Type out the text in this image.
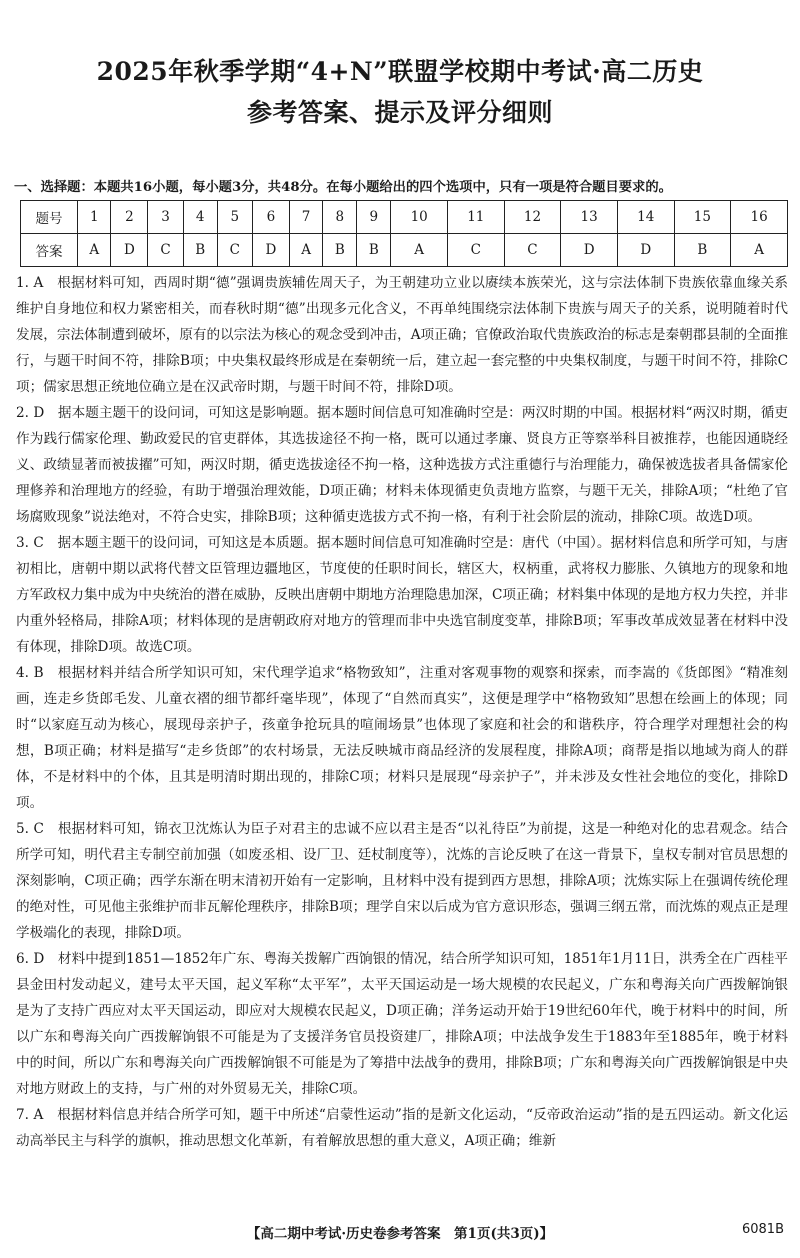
2025年秋季学期“4+N”联盟学校期中考试·高二历史
参考答案、提示及评分细则
一、选择题：本题共16小题，每小题3分，共48分。在每小题给出的四个选项中，只有一项是符合题目要求的。
题号	1	2	3	4	5	6	7	8	9	10	11	12	13	14	15	16
答案	A	D	C	B	C	D	A	B	B	A	C	C	D	D	B	A

1. A　根据材料可知，西周时期“德”强调贵族辅佐周天子，为王朝建功立业以赓续本族荣光，这与宗法体制下贵族依靠血缘关系维护自身地位和权力紧密相关，而春秋时期“德”出现多元化含义，不再单纯围绕宗法体制下贵族与周天子的关系，说明随着时代发展，宗法体制遭到破坏，原有的以宗法为核心的观念受到冲击，A项正确；官僚政治取代贵族政治的标志是秦朝郡县制的全面推行，与题干时间不符，排除B项；中央集权最终形成是在秦朝统一后，建立起一套完整的中央集权制度，与题干时间不符，排除C项；儒家思想正统地位确立是在汉武帝时期，与题干时间不符，排除D项。

2. D　据本题主题干的设问词，可知这是影响题。据本题时间信息可知准确时空是：两汉时期的中国。根据材料“两汉时期，循吏作为践行儒家伦理、勤政爱民的官吏群体，其选拔途径不拘一格，既可以通过孝廉、贤良方正等察举科目被推荐，也能因通晓经义、政绩显著而被拔擢”可知，两汉时期，循吏选拔途径不拘一格，这种选拔方式注重德行与治理能力，确保被选拔者具备儒家伦理修养和治理地方的经验，有助于增强治理效能，D项正确；材料未体现循吏负责地方监察，与题干无关，排除A项；“杜绝了官场腐败现象”说法绝对，不符合史实，排除B项；这种循吏选拔方式不拘一格，有利于社会阶层的流动，排除C项。故选D项。

3. C　据本题主题干的设问词，可知这是本质题。据本题时间信息可知准确时空是：唐代（中国）。据材料信息和所学可知，与唐初相比，唐朝中期以武将代替文臣管理边疆地区，节度使的任职时间长，辖区大，权柄重，武将权力膨胀、久镇地方的现象和地方军政权力集中成为中央统治的潜在威胁，反映出唐朝中期地方治理隐患加深，C项正确；材料集中体现的是地方权力失控，并非内重外轻格局，排除A项；材料体现的是唐朝政府对地方的管理而非中央选官制度变革，排除B项；军事改革成效显著在材料中没有体现，排除D项。故选C项。

4. B　根据材料并结合所学知识可知，宋代理学追求“格物致知”，注重对客观事物的观察和探索，而李嵩的《货郎图》“精准刻画，连走乡货郎毛发、儿童衣褶的细节都纤毫毕现”，体现了“自然而真实”，这便是理学中“格物致知”思想在绘画上的体现；同时“以家庭互动为核心，展现母亲护子，孩童争抢玩具的喧闹场景”也体现了家庭和社会的和谐秩序，符合理学对理想社会的构想，B项正确；材料是描写“走乡货郎”的农村场景，无法反映城市商品经济的发展程度，排除A项；商帮是指以地域为商人的群体，不是材料中的个体，且其是明清时期出现的，排除C项；材料只是展现“母亲护子”，并未涉及女性社会地位的变化，排除D项。

5. C　根据材料可知，锦衣卫沈炼认为臣子对君主的忠诚不应以君主是否“以礼待臣”为前提，这是一种绝对化的忠君观念。结合所学可知，明代君主专制空前加强（如废丞相、设厂卫、廷杖制度等），沈炼的言论反映了在这一背景下，皇权专制对官员思想的深刻影响，C项正确；西学东渐在明末清初开始有一定影响，且材料中没有提到西方思想，排除A项；沈炼实际上在强调传统伦理的绝对性，可见他主张维护而非瓦解伦理秩序，排除B项；理学自宋以后成为官方意识形态，强调三纲五常，而沈炼的观点正是理学极端化的表现，排除D项。

6. D　材料中提到1851—1852年广东、粤海关拨解广西饷银的情况，结合所学知识可知，1851年1月11日，洪秀全在广西桂平县金田村发动起义，建号太平天国，起义军称“太平军”，太平天国运动是一场大规模的农民起义，广东和粤海关向广西拨解饷银是为了支持广西应对太平天国运动，即应对大规模农民起义，D项正确；洋务运动开始于19世纪60年代，晚于材料中的时间，所以广东和粤海关向广西拨解饷银不可能是为了支援洋务官员投资建厂，排除A项；中法战争发生于1883年至1885年，晚于材料中的时间，所以广东和粤海关向广西拨解饷银不可能是为了筹措中法战争的费用，排除B项；广东和粤海关向广西拨解饷银是中央对地方财政上的支持，与广州的对外贸易无关，排除C项。

7. A　根据材料信息并结合所学可知，题干中所述“启蒙性运动”指的是新文化运动，“反帝政治运动”指的是五四运动。新文化运动高举民主与科学的旗帜，推动思想文化革新，有着解放思想的重大意义，A项正确；维新

【高二期中考试·历史卷参考答案　第1页(共3页)】	6081B
